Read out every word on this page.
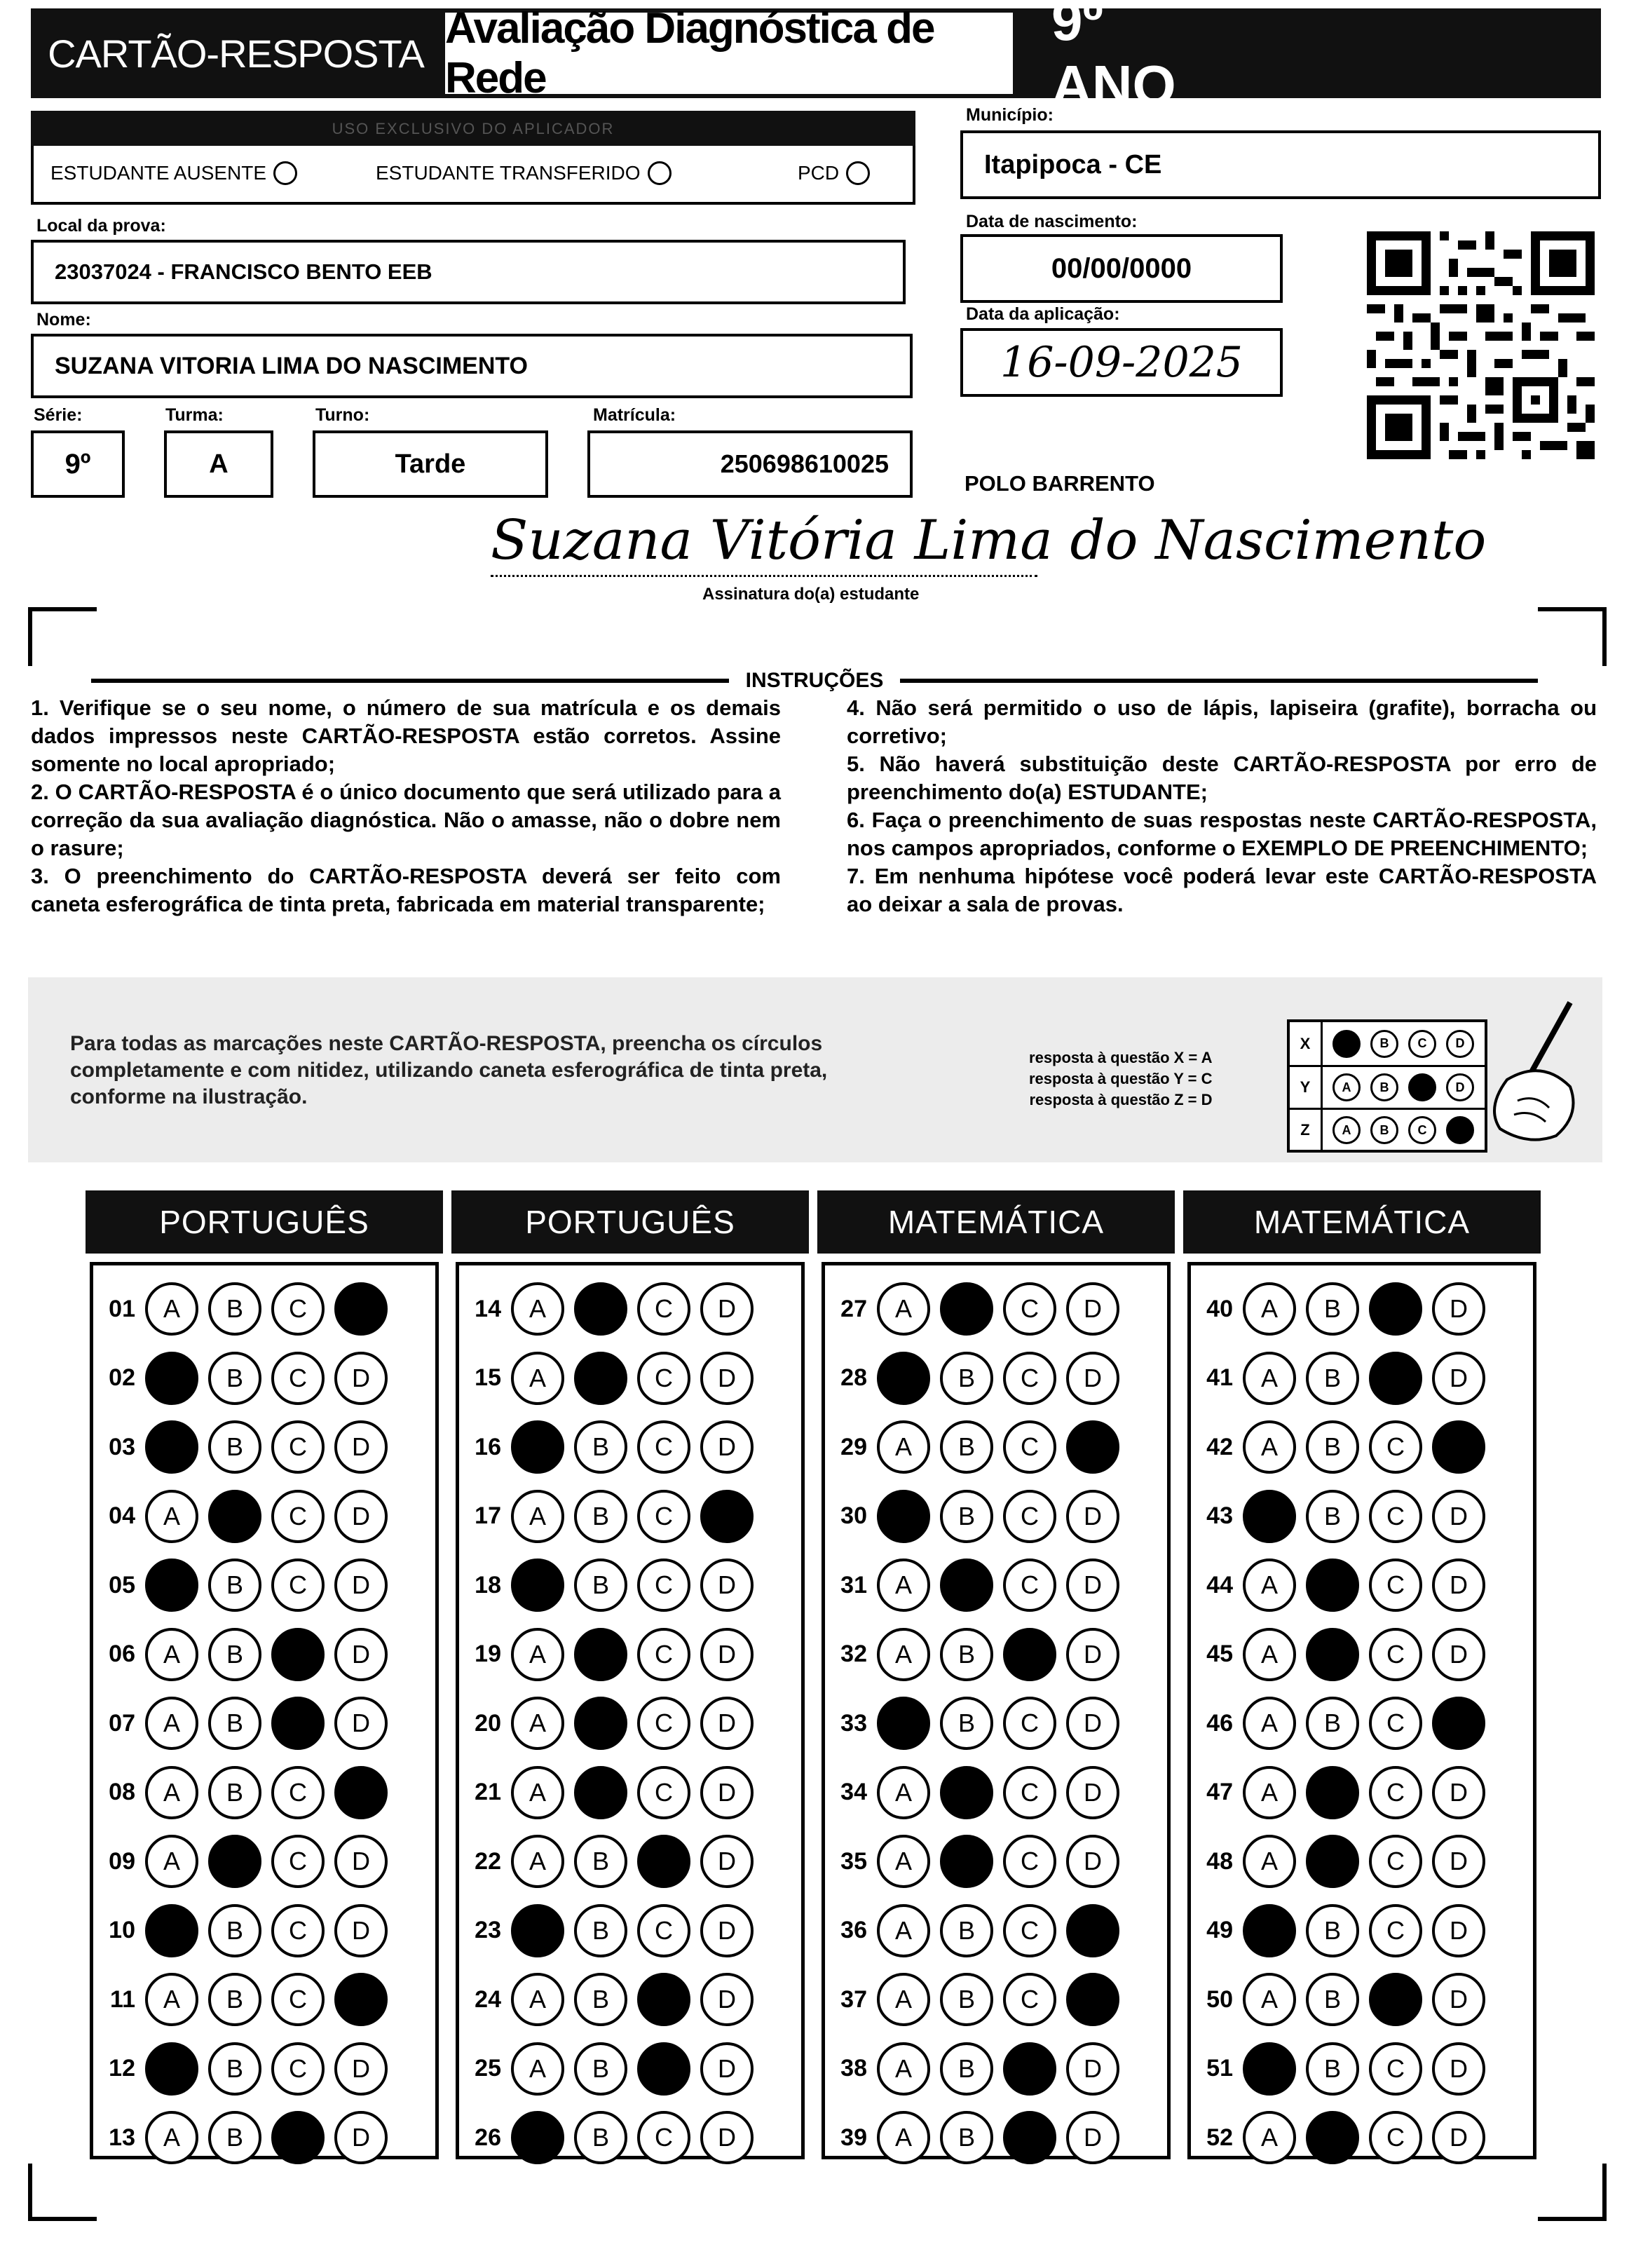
CARTÃO-RESPOSTA
Avaliação Diagnóstica de Rede
9º ANO
USO EXCLUSIVO DO APLICADOR
ESTUDANTE AUSENTE	ESTUDANTE TRANSFERIDO	PCD
Município:
Itapipoca - CE
Local da prova:
23037024 - FRANCISCO BENTO EEB
Data de nascimento:
00/00/0000
Nome:
SUZANA VITORIA LIMA DO NASCIMENTO
Data da aplicação:
16-09-2025
Série:
9º
Turma:
A
Turno:
Tarde
Matrícula:
250698610025
POLO BARRENTO
Suzana Vitória Lima do Nascimento
Assinatura do(a) estudante
INSTRUÇÕES

1. Verifique se o seu nome, o número de sua matrícula e os demais dados impressos neste CARTÃO-RESPOSTA estão corretos. Assine somente no local apropriado;

2. O CARTÃO-RESPOSTA é o único documento que será utilizado para a correção da sua avaliação diagnóstica. Não o amasse, não o dobre nem o rasure;

3. O preenchimento do CARTÃO-RESPOSTA deverá ser feito com caneta esferográfica de tinta preta, fabricada em material transparente;

4. Não será permitido o uso de lápis, lapiseira (grafite), borracha ou corretivo;

5. Não haverá substituição deste CARTÃO-RESPOSTA por erro de preenchimento do(a) ESTUDANTE;

6. Faça o preenchimento de suas respostas neste CARTÃO-RESPOSTA, nos campos apropriados, conforme o EXEMPLO DE PREENCHIMENTO;

7. Em nenhuma hipótese você poderá levar este CARTÃO-RESPOSTA ao deixar a sala de provas.

Para todas as marcações neste CARTÃO-RESPOSTA, preencha os círculos completamente e com nitidez, utilizando caneta esferográfica de tinta preta, conforme na ilustração.
resposta à questão X = A
resposta à questão Y = C
resposta à questão Z = D
X	B	C	D
Y	A	B	D
Z	A	B	C
PORTUGUÊS
01	A	B	C
02	B	C	D
03	B	C	D
04	A	C	D
05	B	C	D
06	A	B	D
07	A	B	D
08	A	B	C
09	A	C	D
10	B	C	D
11	A	B	C
12	B	C	D
13	A	B	D
PORTUGUÊS
14	A	C	D
15	A	C	D
16	B	C	D
17	A	B	C
18	B	C	D
19	A	C	D
20	A	C	D
21	A	C	D
22	A	B	D
23	B	C	D
24	A	B	D
25	A	B	D
26	B	C	D
MATEMÁTICA
27	A	C	D
28	B	C	D
29	A	B	C
30	B	C	D
31	A	C	D
32	A	B	D
33	B	C	D
34	A	C	D
35	A	C	D
36	A	B	C
37	A	B	C
38	A	B	D
39	A	B	D
MATEMÁTICA
40	A	B	D
41	A	B	D
42	A	B	C
43	B	C	D
44	A	C	D
45	A	C	D
46	A	B	C
47	A	C	D
48	A	C	D
49	B	C	D
50	A	B	D
51	B	C	D
52	A	C	D
